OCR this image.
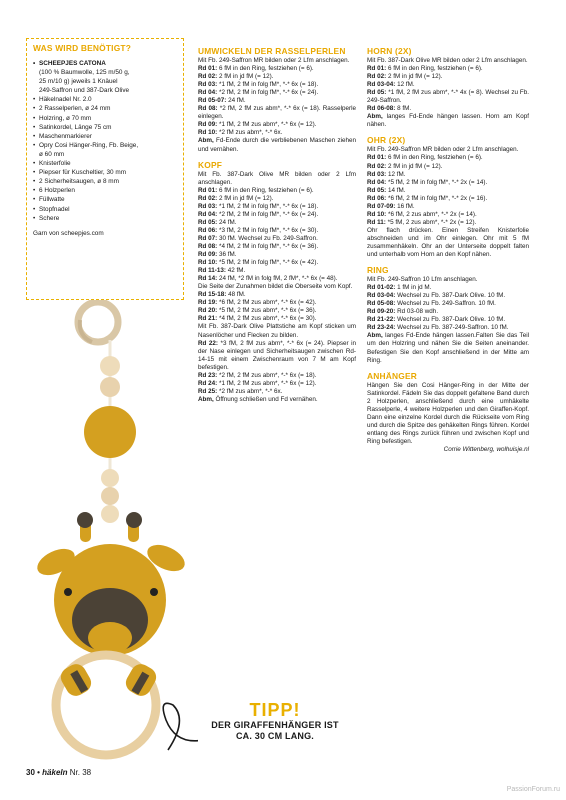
WAS WIRD BENÖTIGT?
• SCHEEPJES CATONA
(100 % Baumwolle, 125 m/50 g,
25 m/10 g) jeweils 1 Knäuel
249-Saffron und 387-Dark Olive
• Häkelnadel Nr. 2.0
• 2 Rasselperlen, ø 24 mm
• Holzring, ø 70 mm
• Satinkordel, Länge 75 cm
• Maschenmarkierer
• Opry Cosi Hänger-Ring, Fb. Beige,
ø 60 mm
• Knisterfolie
• Piepser für Kuscheltier, 30 mm
• 2 Sicherheitsaugen, ø 8 mm
• 6 Holzperlen
• Füllwatte
• Stopfnadel
• Schere
Garn von scheepjes.com
UMWICKELN DER RASSELPERLEN

Mit Fb. 249-Saffron MR bilden oder 2 Lfm anschlagen.

Rd 01: 6 fM in den Ring, festziehen (= 6).

Rd 02: 2 fM in jd fM (= 12).

Rd 03: *1 fM, 2 fM in folg fM*, *-* 6x (= 18).

Rd 04: *2 fM, 2 fM in folg fM*, *-* 6x (= 24).

Rd 05-07: 24 fM.

Rd 08: *2 fM, 2 fM zus abm*, *-* 6x (= 18). Rasselperle einlegen.

Rd 09: *1 fM, 2 fM zus abm*, *-* 6x (= 12).

Rd 10: *2 fM zus abm*, *-* 6x.

Abm, Fd-Ende durch die verbliebenen Maschen ziehen und vernähen.

KOPF

Mit Fb. 387-Dark Olive MR bilden oder 2 Lfm anschlagen.

Rd 01: 6 fM in den Ring, festziehen (= 6).

Rd 02: 2 fM in jd fM (= 12).

Rd 03: *1 fM, 2 fM in folg fM*, *-* 6x (= 18).

Rd 04: *2 fM, 2 fM in folg fM*, *-* 6x (= 24).

Rd 05: 24 fM.

Rd 06: *3 fM, 2 fM in folg fM*, *-* 6x (= 30).

Rd 07: 30 fM. Wechsel zu Fb. 249-Saffron.

Rd 08: *4 fM, 2 fM in folg fM*, *-* 6x (= 36).

Rd 09: 36 fM.

Rd 10: *5 fM, 2 fM in folg fM*, *-* 6x (= 42).

Rd 11-13: 42 fM.

Rd 14: 24 fM, *2 fM in folg fM, 2 fM*, *-* 6x (= 48).

Die Seite der Zunahmen bildet die Oberseite vom Kopf.

Rd 15-18: 48 fM.

Rd 19: *6 fM, 2 fM zus abm*, *-* 6x (= 42).

Rd 20: *5 fM, 2 fM zus abm*, *-* 6x (= 36).

Rd 21: *4 fM, 2 fM zus abm*, *-* 6x (= 30).

Mit Fb. 387-Dark Olive Plattstiche am Kopf sticken um Nasenlöcher und Flecken zu bilden.

Rd 22: *3 fM, 2 fM zus abm*, *-* 6x (= 24). Piepser in der Nase einlegen und Sicherheitsaugen zwischen Rd-14-15 mit einem Zwischenraum von 7 M am Kopf befestigen.

Rd 23: *2 fM, 2 fM zus abm*, *-* 6x (= 18).

Rd 24: *1 fM, 2 fM zus abm*, *-* 6x (= 12).

Rd 25: *2 fM zus abm*, *-* 6x.

Abm, Öffnung schließen und Fd vernähen.

HORN (2X)

Mit Fb. 387-Dark Olive MR bilden oder 2 Lfm anschlagen.

Rd 01: 6 fM in den Ring, festziehen (= 6).

Rd 02: 2 fM in jd fM (= 12).

Rd 03-04: 12 fM.

Rd 05: *1 fM, 2 fM zus abm*, *-* 4x (= 8). Wechsel zu Fb. 249-Saffron.

Rd 06-08: 8 fM.

Abm, langes Fd-Ende hängen lassen. Horn am Kopf nähen.

OHR (2X)

Mit Fb. 249-Saffron MR bilden oder 2 Lfm anschlagen.

Rd 01: 6 fM in den Ring, festziehen (= 6).

Rd 02: 2 fM in jd fM (= 12).

Rd 03: 12 fM.

Rd 04: *5 fM, 2 fM in folg fM*, *-* 2x (= 14).

Rd 05: 14 fM.

Rd 06: *6 fM, 2 fM in folg fM*, *-* 2x (= 16).

Rd 07-09: 16 fM.

Rd 10: *6 fM, 2 zus abm*, *-* 2x (= 14).

Rd 11: *5 fM, 2 zus abm*, *-* 2x (= 12).

Ohr flach drücken. Einen Streifen Knisterfolie abschneiden und im Ohr einlegen. Ohr mit 5 fM zusammenhäkeln. Ohr an der Unterseite doppelt falten und unterhalb vom Horn an den Kopf nähen.

RING

Mit Fb. 249-Saffron 10 Lfm anschlagen.

Rd 01-02: 1 fM in jd M.

Rd 03-04: Wechsel zu Fb. 387-Dark Olive. 10 fM.

Rd 05-08: Wechsel zu Fb. 249-Saffron. 10 fM.

Rd 09-20: Rd 03-08 wdh.

Rd 21-22: Wechsel zu Fb. 387-Dark Olive. 10 fM.

Rd 23-24: Wechsel zu Fb. 387-249-Saffron. 10 fM.

Abm, langes Fd-Ende hängen lassen.Falten Sie das Teil um den Holzring und nähen Sie die Seiten aneinander. Befestigen Sie den Kopf anschließend in der Mitte am Ring.

ANHÄNGER

Hängen Sie den Cosi Hänger-Ring in der Mitte der Satinkordel. Fädeln Sie das doppelt gefaltene Band durch 2 Holzperlen, anschließend durch eine umhäkelte Rasselperle, 4 weitere Holzperlen und den Giraffen-Kopf. Dann eine einzelne Kordel durch die Rückseite vom Ring und durch die Spitze des gehäkelten Rings führen. Kordel entlang des Rings zurück führen und zwischen Kopf und Ring befestigen.

Corrie Wittenberg, wolhuisje.nl

TIPP!
DER GIRAFFENHÄNGER IST
CA. 30 CM LANG.
30 • häkeln Nr. 38
PassionForum.ru
